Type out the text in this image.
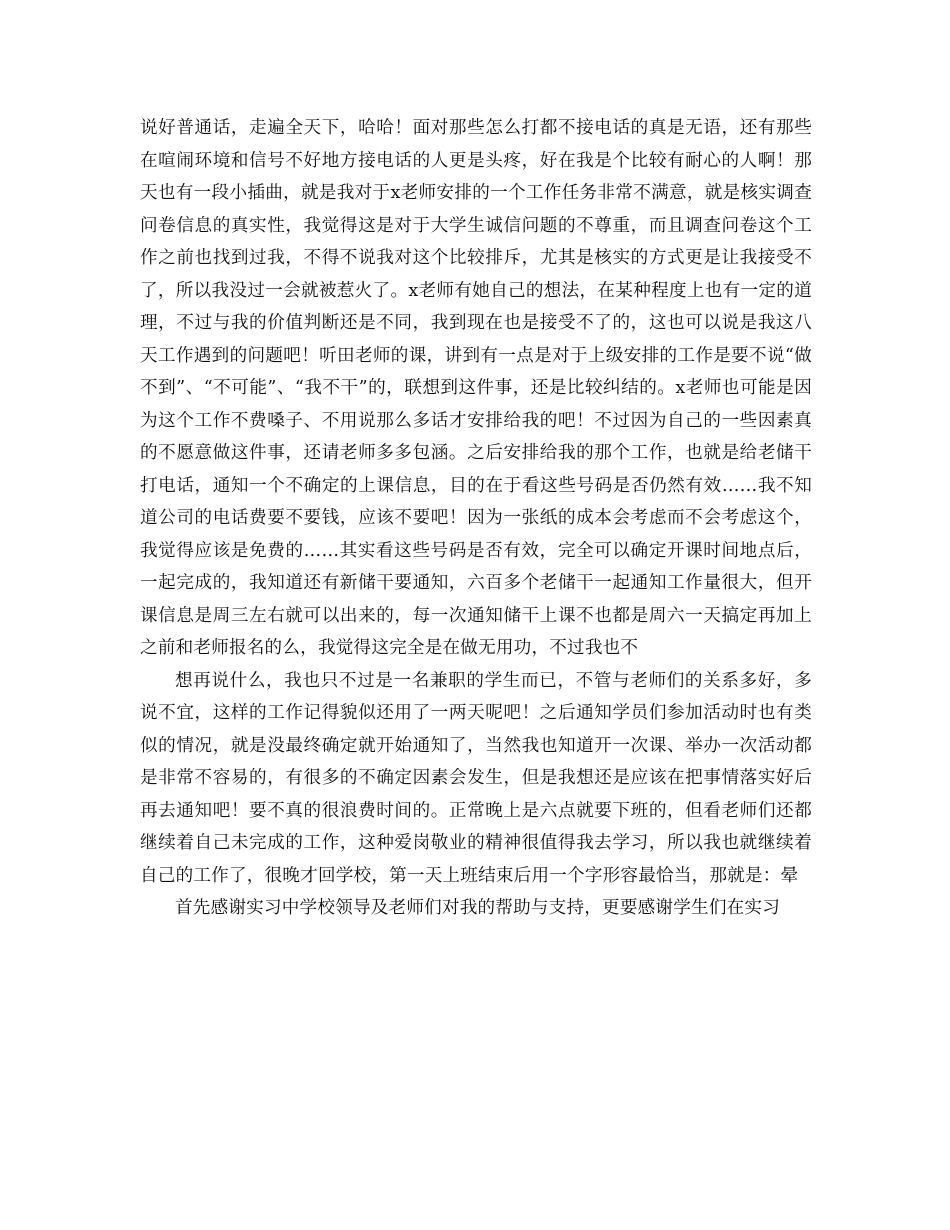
说好普通话，走遍全天下，哈哈！面对那些怎么打都不接电话的真是无语，还有那些在喧闹环境和信号不好地方接电话的人更是头疼，好在我是个比较有耐心的人啊！那天也有一段小插曲，就是我对于x老师安排的一个工作任务非常不满意，就是核实调查问卷信息的真实性，我觉得这是对于大学生诚信问题的不尊重，而且调查问卷这个工作之前也找到过我，不得不说我对这个比较排斥，尤其是核实的方式更是让我接受不了，所以我没过一会就被惹火了。x老师有她自己的想法，在某种程度上也有一定的道理，不过与我的价值判断还是不同，我到现在也是接受不了的，这也可以说是我这八天工作遇到的问题吧！听田老师的课，讲到有一点是对于上级安排的工作是要不说“做不到”、“不可能”、“我不干”的，联想到这件事，还是比较纠结的。x老师也可能是因为这个工作不费嗓子、不用说那么多话才安排给我的吧！不过因为自己的一些因素真的不愿意做这件事，还请老师多多包涵。之后安排给我的那个工作，也就是给老储干打电话，通知一个不确定的上课信息，目的在于看这些号码是否仍然有效……我不知道公司的电话费要不要钱，应该不要吧！因为一张纸的成本会考虑而不会考虑这个，我觉得应该是免费的……其实看这些号码是否有效，完全可以确定开课时间地点后，一起完成的，我知道还有新储干要通知，六百多个老储干一起通知工作量很大，但开课信息是周三左右就可以出来的，每一次通知储干上课不也都是周六一天搞定再加上之前和老师报名的么，我觉得这完全是在做无用功，不过我也不

想再说什么，我也只不过是一名兼职的学生而已，不管与老师们的关系多好，多说不宜，这样的工作记得貌似还用了一两天呢吧！之后通知学员们参加活动时也有类似的情况，就是没最终确定就开始通知了，当然我也知道开一次课、举办一次活动都是非常不容易的，有很多的不确定因素会发生，但是我想还是应该在把事情落实好后再去通知吧！要不真的很浪费时间的。正常晚上是六点就要下班的，但看老师们还都继续着自己未完成的工作，这种爱岗敬业的精神很值得我去学习，所以我也就继续着自己的工作了，很晚才回学校，第一天上班结束后用一个字形容最恰当，那就是：晕

首先感谢实习中学校领导及老师们对我的帮助与支持，更要感谢学生们在实习
